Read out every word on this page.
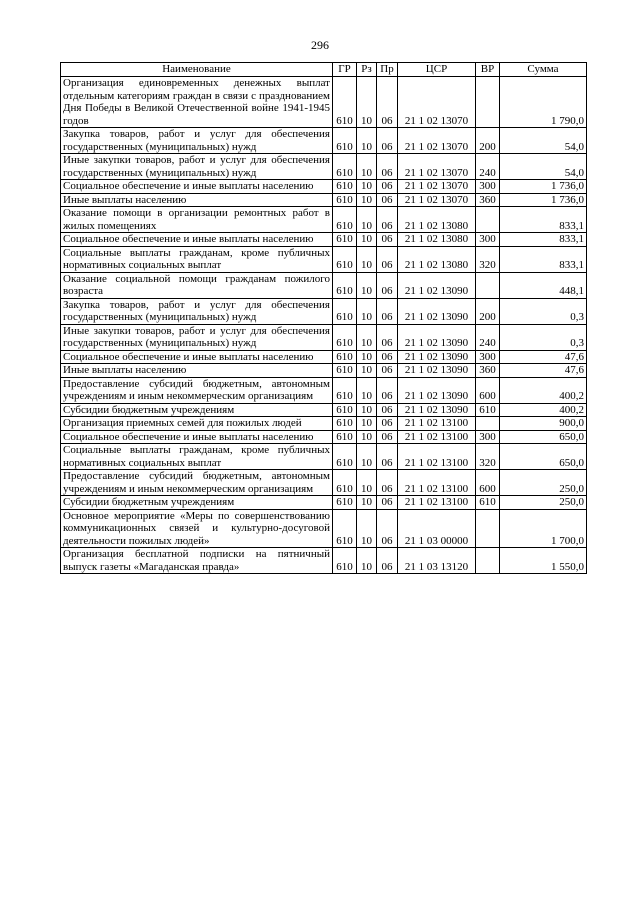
296
Наименование	ГР	Рз	Пр	ЦСР	ВР	Сумма
Организация единовременных денежных выплат отдельным категориям граждан в связи с празднованием Дня Победы в Великой Отечественной войне 1941-1945 годов	610	10	06	21 1 02 13070		1 790,0
Закупка товаров, работ и услуг для обеспечения государственных (муниципальных) нужд	610	10	06	21 1 02 13070	200	54,0
Иные закупки товаров, работ и услуг для обеспечения государственных (муниципальных) нужд	610	10	06	21 1 02 13070	240	54,0
Социальное обеспечение и иные выплаты населению	610	10	06	21 1 02 13070	300	1 736,0
Иные выплаты населению	610	10	06	21 1 02 13070	360	1 736,0
Оказание помощи в организации ремонтных работ в жилых помещениях	610	10	06	21 1 02 13080		833,1
Социальное обеспечение и иные выплаты населению	610	10	06	21 1 02 13080	300	833,1
Социальные выплаты гражданам, кроме публичных нормативных социальных выплат	610	10	06	21 1 02 13080	320	833,1
Оказание социальной помощи гражданам пожилого возраста	610	10	06	21 1 02 13090		448,1
Закупка товаров, работ и услуг для обеспечения государственных (муниципальных) нужд	610	10	06	21 1 02 13090	200	0,3
Иные закупки товаров, работ и услуг для обеспечения государственных (муниципальных) нужд	610	10	06	21 1 02 13090	240	0,3
Социальное обеспечение и иные выплаты населению	610	10	06	21 1 02 13090	300	47,6
Иные выплаты населению	610	10	06	21 1 02 13090	360	47,6
Предоставление субсидий бюджетным, автономным учреждениям и иным некоммерческим организациям	610	10	06	21 1 02 13090	600	400,2
Субсидии бюджетным учреждениям	610	10	06	21 1 02 13090	610	400,2
Организация приемных семей для пожилых людей	610	10	06	21 1 02 13100		900,0
Социальное обеспечение и иные выплаты населению	610	10	06	21 1 02 13100	300	650,0
Социальные выплаты гражданам, кроме публичных нормативных социальных выплат	610	10	06	21 1 02 13100	320	650,0
Предоставление субсидий бюджетным, автономным учреждениям и иным некоммерческим организациям	610	10	06	21 1 02 13100	600	250,0
Субсидии бюджетным учреждениям	610	10	06	21 1 02 13100	610	250,0
Основное мероприятие «Меры по совершенствованию коммуникационных связей и культурно-досуговой деятельности пожилых людей»	610	10	06	21 1 03 00000		1 700,0
Организация бесплатной подписки на пятничный выпуск газеты «Магаданская правда»	610	10	06	21 1 03 13120		1 550,0
